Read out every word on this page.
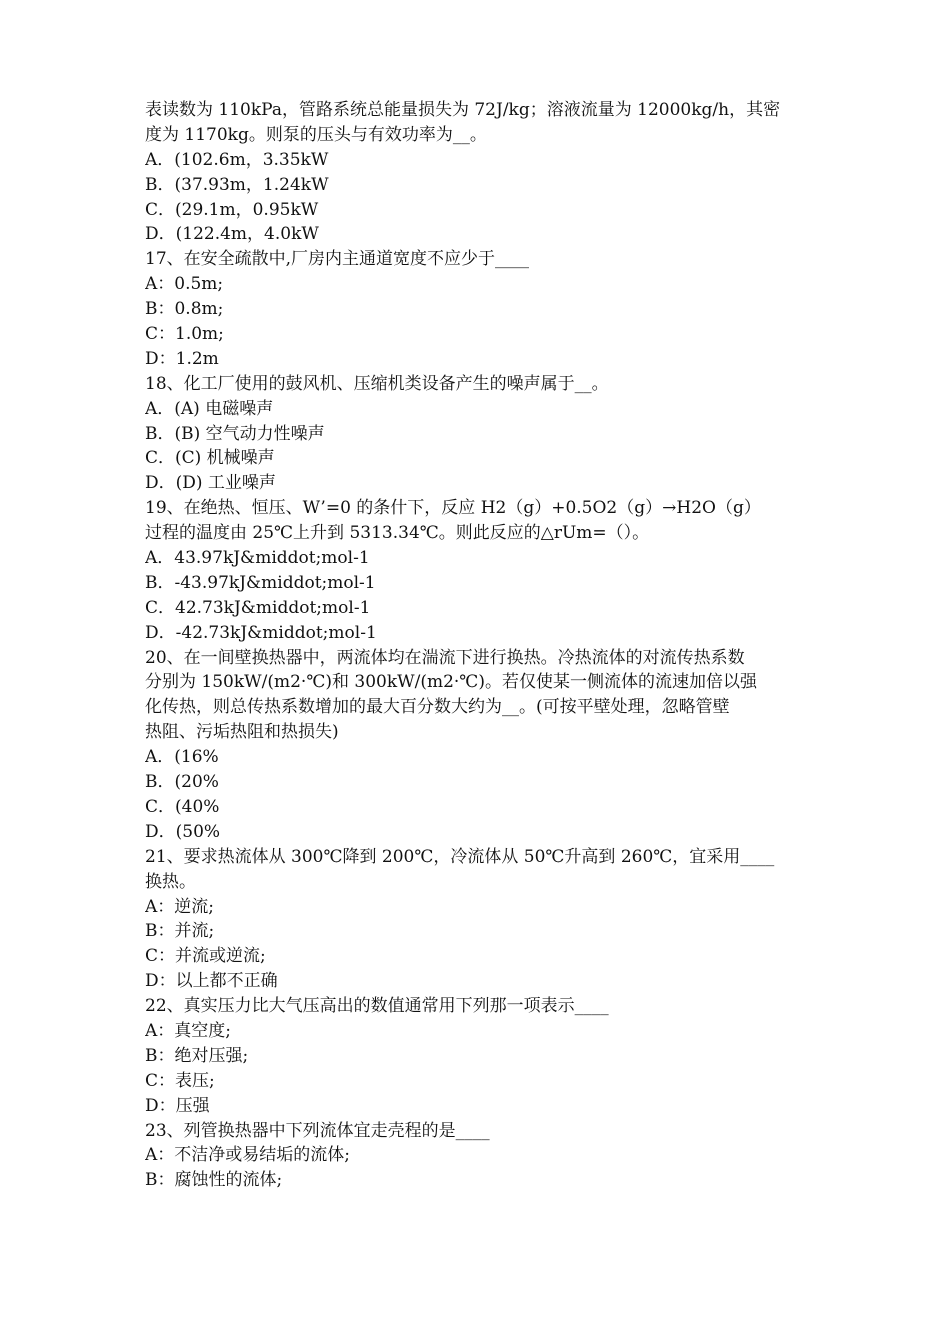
表读数为 110kPa，管路系统总能量损失为 72J/kg；溶液流量为 12000kg/h，其密
度为 1170kg。则泵的压头与有效功率为__。
A．(102.6m，3.35kW
B．(37.93m，1.24kW
C．(29.1m，0.95kW
D．(122.4m，4.0kW
17、在安全疏散中,厂房内主通道宽度不应少于____
A：0.5m;
B：0.8m;
C：1.0m;
D：1.2m
18、化工厂使用的鼓风机、压缩机类设备产生的噪声属于__。
A．(A) 电磁噪声
B．(B) 空气动力性噪声
C．(C) 机械噪声
D．(D) 工业噪声
19、在绝热、恒压、W’=0 的条什下，反应 H2（g）+0.5O2（g）→H2O（g）
过程的温度由 25℃上升到 5313.34℃。则此反应的△rUm=（）。
A．43.97kJ&middot;mol-1
B．-43.97kJ&middot;mol-1
C．42.73kJ&middot;mol-1
D．-42.73kJ&middot;mol-1
20、在一间壁换热器中，两流体均在湍流下进行换热。冷热流体的对流传热系数
分别为 150kW/(m2·℃)和 300kW/(m2·℃)。若仅使某一侧流体的流速加倍以强
化传热，则总传热系数增加的最大百分数大约为__。(可按平壁处理，忽略管壁
热阻、污垢热阻和热损失)
A．(16%
B．(20%
C．(40%
D．(50%
21、要求热流体从 300℃降到 200℃，冷流体从 50℃升高到 260℃，宜采用____
换热。
A：逆流;
B：并流;
C：并流或逆流;
D：以上都不正确
22、真实压力比大气压高出的数值通常用下列那一项表示____
A：真空度;
B：绝对压强;
C：表压;
D：压强
23、列管换热器中下列流体宜走壳程的是____
A：不洁净或易结垢的流体;
B：腐蚀性的流体;
